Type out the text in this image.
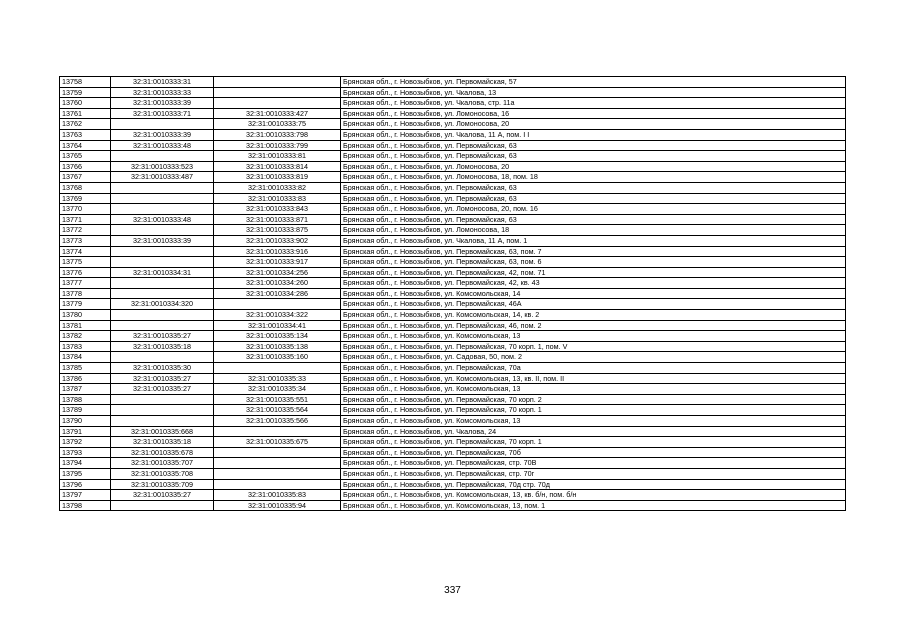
13758	32:31:0010333:31		Брянская обл., г. Новозыбков, ул. Первомайская, 57
13759	32:31:0010333:33		Брянская обл., г. Новозыбков, ул. Чкалова, 13
13760	32:31:0010333:39		Брянская обл., г. Новозыбков, ул. Чкалова, стр. 11а
13761	32:31:0010333:71	32:31:0010333:427	Брянская обл., г. Новозыбков, ул. Ломоносова, 16
13762		32:31:0010333:75	Брянская обл., г. Новозыбков, ул. Ломоносова, 20
13763	32:31:0010333:39	32:31:0010333:798	Брянская обл., г. Новозыбков, ул. Чкалова, 11 А, пом. I I
13764	32:31:0010333:48	32:31:0010333:799	Брянская обл., г. Новозыбков, ул. Первомайская, 63
13765		32:31:0010333:81	Брянская обл., г. Новозыбков, ул. Первомайская, 63
13766	32:31:0010333:523	32:31:0010333:814	Брянская обл., г. Новозыбков, ул. Ломоносова, 20
13767	32:31:0010333:487	32:31:0010333:819	Брянская обл., г. Новозыбков, ул. Ломоносова, 18, пом. 18
13768		32:31:0010333:82	Брянская обл., г. Новозыбков, ул. Первомайская, 63
13769		32:31:0010333:83	Брянская обл., г. Новозыбков, ул. Первомайская, 63
13770		32:31:0010333:843	Брянская обл., г. Новозыбков, ул. Ломоносова, 20, пом. 16
13771	32:31:0010333:48	32:31:0010333:871	Брянская обл., г. Новозыбков, ул. Первомайская, 63
13772		32:31:0010333:875	Брянская обл., г. Новозыбков, ул. Ломоносова, 18
13773	32:31:0010333:39	32:31:0010333:902	Брянская обл., г. Новозыбков, ул. Чкалова, 11 А, пом. 1
13774		32:31:0010333:916	Брянская обл., г. Новозыбков, ул. Первомайская, 63, пом. 7
13775		32:31:0010333:917	Брянская обл., г. Новозыбков, ул. Первомайская, 63, пом. 6
13776	32:31:0010334:31	32:31:0010334:256	Брянская обл., г. Новозыбков, ул. Первомайская, 42, пом. 71
13777		32:31:0010334:260	Брянская обл., г. Новозыбков, ул. Первомайская, 42, кв. 43
13778		32:31:0010334:286	Брянская обл., г. Новозыбков, ул. Комсомольская, 14
13779	32:31:0010334:320		Брянская обл., г. Новозыбков, ул. Первомайская, 46А
13780		32:31:0010334:322	Брянская обл., г. Новозыбков, ул. Комсомольская, 14, кв. 2
13781		32:31:0010334:41	Брянская обл., г. Новозыбков, ул. Первомайская, 46, пом. 2
13782	32:31:0010335:27	32:31:0010335:134	Брянская обл., г. Новозыбков, ул. Комсомольская, 13
13783	32:31:0010335:18	32:31:0010335:138	Брянская обл., г. Новозыбков, ул. Первомайская, 70 корп. 1, пом. V
13784		32:31:0010335:160	Брянская обл., г. Новозыбков, ул. Садовая, 50, пом. 2
13785	32:31:0010335:30		Брянская обл., г. Новозыбков, ул. Первомайская, 70а
13786	32:31:0010335:27	32:31:0010335:33	Брянская обл., г. Новозыбков, ул. Комсомольская, 13, кв. II, пом. II
13787	32:31:0010335:27	32:31:0010335:34	Брянская обл., г. Новозыбков, ул. Комсомольская, 13
13788		32:31:0010335:551	Брянская обл., г. Новозыбков, ул. Первомайская, 70 корп. 2
13789		32:31:0010335:564	Брянская обл., г. Новозыбков, ул. Первомайская, 70 корп. 1
13790		32:31:0010335:566	Брянская обл., г. Новозыбков, ул. Комсомольская, 13
13791	32:31:0010335:668		Брянская обл., г. Новозыбков, ул. Чкалова, 24
13792	32:31:0010335:18	32:31:0010335:675	Брянская обл., г. Новозыбков, ул. Первомайская, 70 корп. 1
13793	32:31:0010335:678		Брянская обл., г. Новозыбков, ул. Первомайская, 70б
13794	32:31:0010335:707		Брянская обл., г. Новозыбков, ул. Первомайская, стр. 70В
13795	32:31:0010335:708		Брянская обл., г. Новозыбков, ул. Первомайская, стр. 70г
13796	32:31:0010335:709		Брянская обл., г. Новозыбков, ул. Первомайская, 70д стр. 70д
13797	32:31:0010335:27	32:31:0010335:83	Брянская обл., г. Новозыбков, ул. Комсомольская, 13, кв. б/н, пом. б/н
13798		32:31:0010335:94	Брянская обл., г. Новозыбков, ул. Комсомольская, 13, пом. 1
337
